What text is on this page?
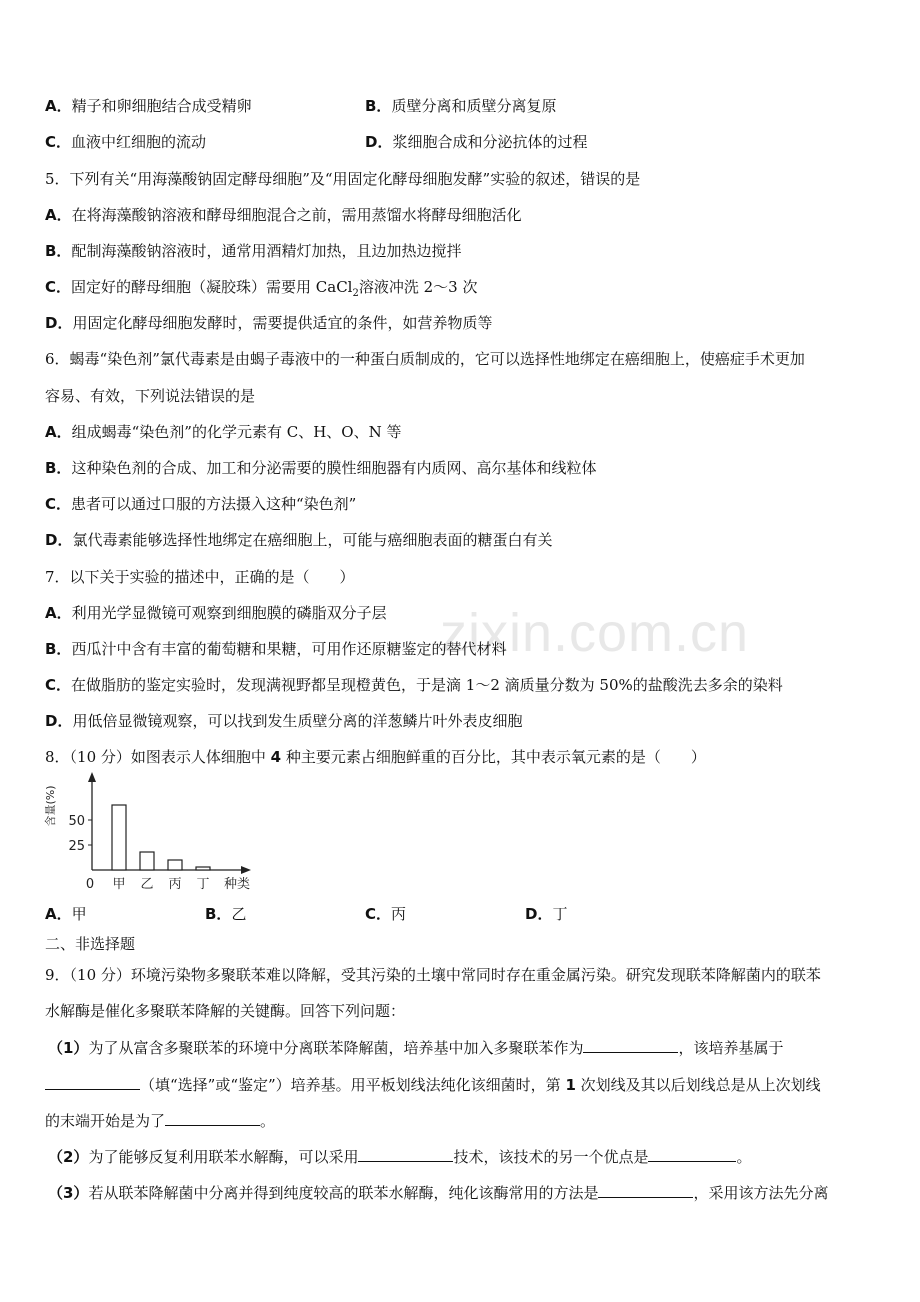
zixin.com.cn
A．精子和卵细胞结合成受精卵	B．质壁分离和质壁分离复原
C．血液中红细胞的流动	D．浆细胞合成和分泌抗体的过程
5．下列有关“用海藻酸钠固定酵母细胞”及“用固定化酵母细胞发酵”实验的叙述，错误的是
A．在将海藻酸钠溶液和酵母细胞混合之前，需用蒸馏水将酵母细胞活化
B．配制海藻酸钠溶液时，通常用酒精灯加热，且边加热边搅拌
C．固定好的酵母细胞（凝胶珠）需要用 CaCl$_2$溶液冲洗 2～3 次
D．用固定化酵母细胞发酵时，需要提供适宜的条件，如营养物质等
6．蝎毒“染色剂”氯代毒素是由蝎子毒液中的一种蛋白质制成的，它可以选择性地绑定在癌细胞上，使癌症手术更加
容易、有效，下列说法错误的是
A．组成蝎毒“染色剂”的化学元素有 C、H、O、N 等
B．这种染色剂的合成、加工和分泌需要的膜性细胞器有内质网、高尔基体和线粒体
C．患者可以通过口服的方法摄入这种“染色剂”
D．氯代毒素能够选择性地绑定在癌细胞上，可能与癌细胞表面的糖蛋白有关
7．以下关于实验的描述中，正确的是（　　）
A．利用光学显微镜可观察到细胞膜的磷脂双分子层
B．西瓜汁中含有丰富的葡萄糖和果糖，可用作还原糖鉴定的替代材料
C．在做脂肪的鉴定实验时，发现满视野都呈现橙黄色，于是滴 1～2 滴质量分数为 50%的盐酸洗去多余的染料
D．用低倍显微镜观察，可以找到发生质壁分离的洋葱鳞片叶外表皮细胞
8．（10 分）如图表示人体细胞中 4 种主要元素占细胞鲜重的百分比，其中表示氧元素的是（　　）
25
50
0
含量(%)
甲 乙 丙 丁 种类
A．甲	B．乙	C．丙	D．丁
二、非选择题
9．（10 分）环境污染物多聚联苯难以降解，受其污染的土壤中常同时存在重金属污染。研究发现联苯降解菌内的联苯
水解酶是催化多聚联苯降解的关键酶。回答下列问题：
（1）为了从富含多聚联苯的环境中分离联苯降解菌，培养基中加入多聚联苯作为	，该培养基属于
（填“选择”或“鉴定”）培养基。用平板划线法纯化该细菌时，第 1 次划线及其以后划线总是从上次划线
的末端开始是为了	。
（2）为了能够反复利用联苯水解酶，可以采用	技术，该技术的另一个优点是	。
（3）若从联苯降解菌中分离并得到纯度较高的联苯水解酶，纯化该酶常用的方法是	，采用该方法先分离
